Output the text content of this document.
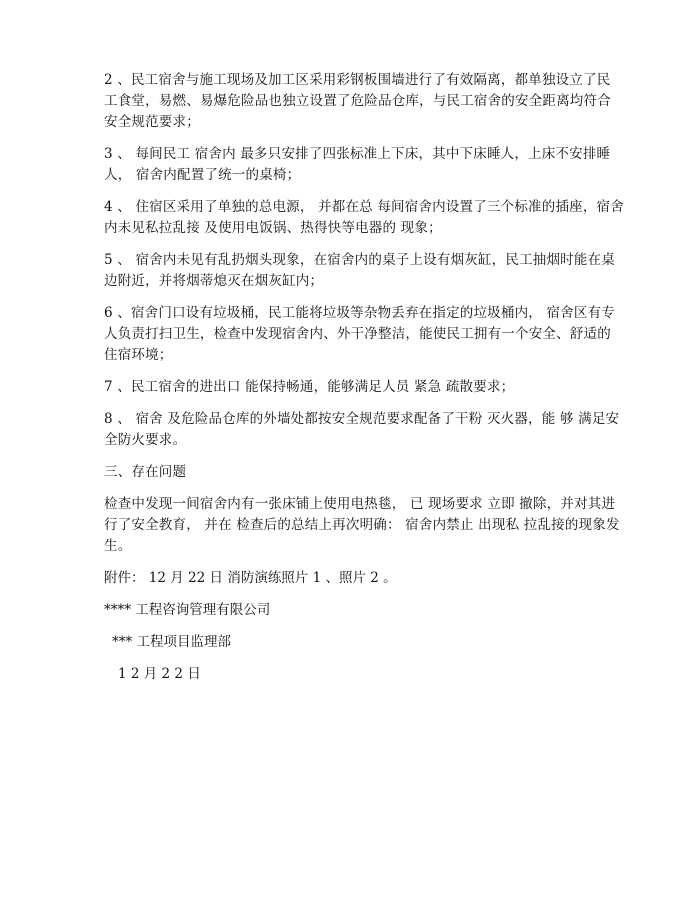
2 、民工宿舍与施工现场及加工区采用彩钢板围墙进行了有效隔离，都单独设立了民工食堂，易燃、易爆危险品也独立设置了危险品仓库，与民工宿舍的安全距离均符合安全规范要求；

3 、 每间民工 宿舍内 最多只安排了四张标准上下床，其中下床睡人，上床不安排睡人， 宿舍内配置了统一的桌椅；

4 、 住宿区采用了单独的总电源， 并都在总 每间宿舍内设置了三个标准的插座，宿舍内未见私拉乱接 及使用电饭锅、热得快等电器的 现象；

5 、 宿舍内未见有乱扔烟头现象，在宿舍内的桌子上设有烟灰缸，民工抽烟时能在桌边附近，并将烟蒂熄灭在烟灰缸内；

6 、宿舍门口设有垃圾桶，民工能将垃圾等杂物丢弃在指定的垃圾桶内， 宿舍区有专人负责打扫卫生，检查中发现宿舍内、外干净整洁，能使民工拥有一个安全、舒适的住宿环境；

7 、民工宿舍的进出口 能保持畅通，能够满足人员 紧急 疏散要求；

8 、 宿舍 及危险品仓库的外墙处都按安全规范要求配备了干粉 灭火器，能 够 满足安全防火要求。

三、存在问题

检查中发现一间宿舍内有一张床铺上使用电热毯， 已 现场要求 立即 撤除，并对其进行了安全教育， 并在 检查后的总结上再次明确： 宿舍内禁止 出现私 拉乱接的现象发生。

附件： 12 月 22 日 消防演练照片 1 、照片 2 。

**** 工程咨询管理有限公司

*** 工程项目监理部

1 2 月 2 2 日
